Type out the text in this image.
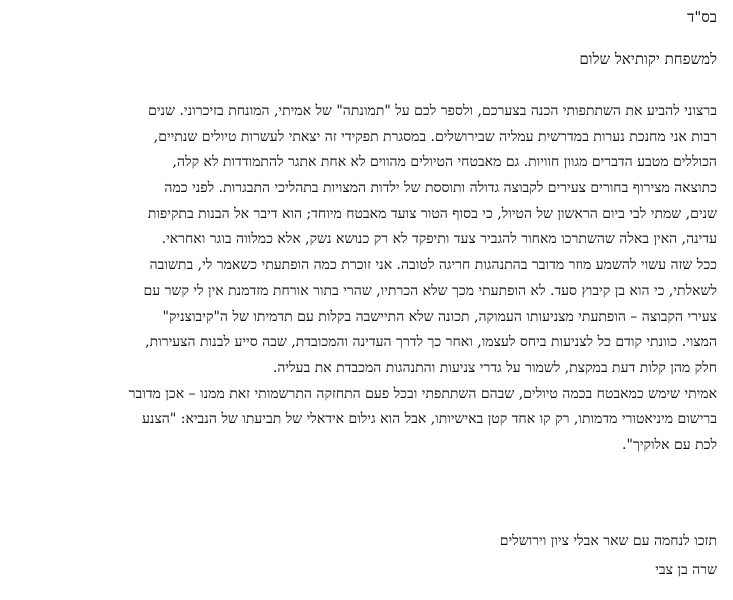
בס"ד
למשפחת יקותיאל שלום
ברצוני להביע את השתתפותי הכנה בצערכם, ולספר לכם על "תמונתה" של אמיתי, המונחת בזיכרוני. שנים
רבות אני מחנכת נערות במדרשית עמליה שבירושלים. במסגרת תפקידי זה יצאתי לעשרות טיולים שנתיים,
הכוללים מטבע הדברים מגוון חוויות. גם מאבטחי הטיולים מהווים לא אחת אתגר להתמודדות לא קלה,
כתוצאה מצירוף בחורים צעירים לקבוצה גדולה ותוססת של ילדות המצויות בתהליכי התבגרות. לפני כמה
שנים, שמתי לבי ביום הראשון של הטיול, כי בסוף הטור צועד מאבטח מיוחד; הוא דיבר אל הבנות בתקיפות
עדינה, האין באלה שהשתרכו מאחור להגביר צעד ותיפקד לא רק כנושא נשק, אלא כמלווה בוגר ואחראי.
ככל שזה עשוי להשמע מוזר מדובר בהתנהגות חריגה לטובה. אני זוכרת כמה הופתעתי כשאמר לי, בתשובה
לשאלתי, כי הוא בן קיבוץ סעד. לא הופתעתי מכך שלא הכרתיו, שהרי בתור אורחת מזדמנת אין לי קשר עם
צעירי הקבוצה – הופתעתי מצניעותו העמוקה, תכונה שלא התיישבה בקלות עם תדמיתו של ה"קיבוצניק"
המצוי. כוונתי קודם כל לצניעות ביחס לעצמו, ואחר כך לדרך העדינה והמכובדת, שבה סייע לבנות הצעירות,
חלק מהן קלות דעת במקצת, לשמור על גדרי צניעות והתנהגות המכבדת את בעליה.
אמיתי שימש כמאבטח בכמה טיולים, שבהם השתתפתי ובכל פעם התחזקה התרשמותי זאת ממנו – אכן מדובר
ברישום מיניאטורי מדמותו, רק קו אחד קטן באישיותו, אבל הוא גילום אידאלי של תביעתו של הנביא: "הצנע
לכת עם אלוקיך".
תזכו לנחמה עם שאר אבלי ציון וירושלים
שרה בן צבי
